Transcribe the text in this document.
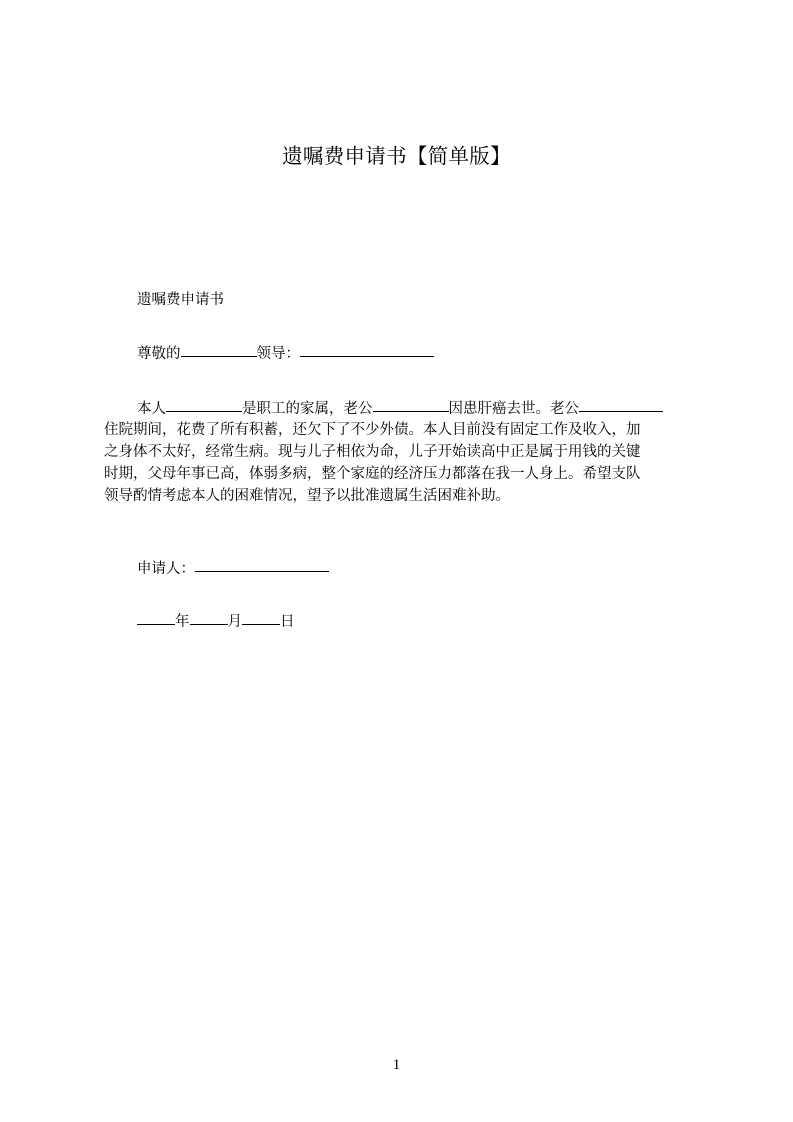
遗嘱费申请书【简单版】
遗嘱费申请书
尊敬的	领导：
本人	是职工的家属，老公	因患肝癌去世。老公
住院期间，花费了所有积蓄，还欠下了不少外债。本人目前没有固定工作及收入，加
之身体不太好，经常生病。现与儿子相依为命，儿子开始读高中正是属于用钱的关键
时期，父母年事已高，体弱多病，整个家庭的经济压力都落在我一人身上。希望支队
领导酌情考虑本人的困难情况，望予以批准遗属生活困难补助。
申请人：
年	月	日
1
